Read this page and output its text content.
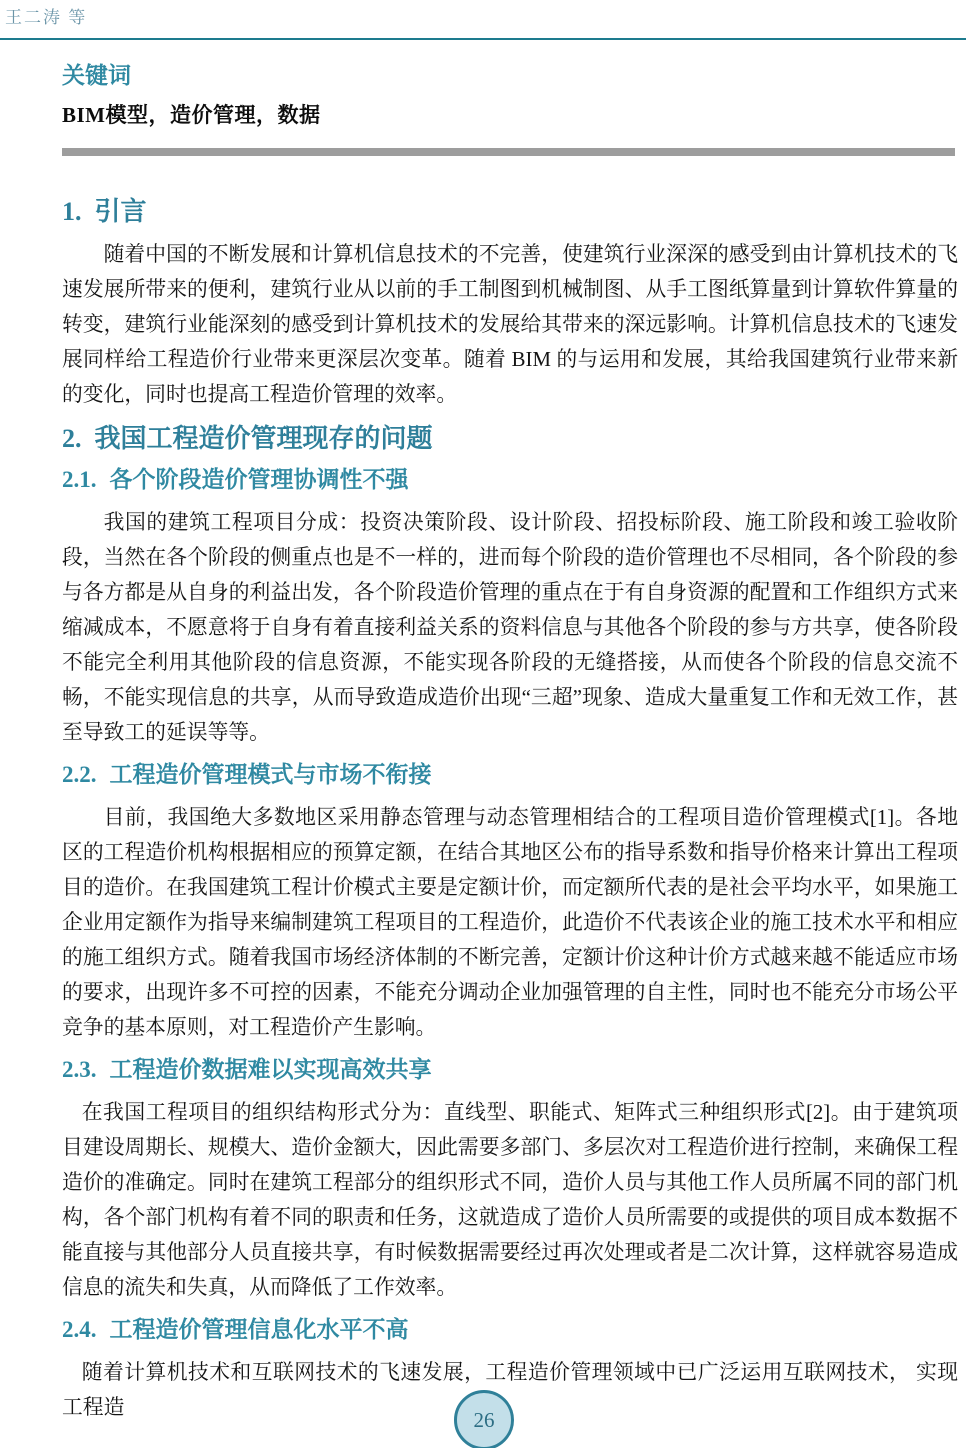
王二涛 等
关键词
BIM模型，造价管理，数据
1. 引言

随着中国的不断发展和计算机信息技术的不完善，使建筑行业深深的感受到由计算机技术的飞速发展所带来的便利，建筑行业从以前的手工制图到机械制图、从手工图纸算量到计算软件算量的转变，建筑行业能深刻的感受到计算机技术的发展给其带来的深远影响。计算机信息技术的飞速发展同样给工程造价行业带来更深层次变革。随着 BIM 的与运用和发展，其给我国建筑行业带来新的变化，同时也提高工程造价管理的效率。

2. 我国工程造价管理现存的问题
2.1. 各个阶段造价管理协调性不强

我国的建筑工程项目分成：投资决策阶段、设计阶段、招投标阶段、施工阶段和竣工验收阶段，当然在各个阶段的侧重点也是不一样的，进而每个阶段的造价管理也不尽相同，各个阶段的参与各方都是从自身的利益出发，各个阶段造价管理的重点在于有自身资源的配置和工作组织方式来缩减成本，不愿意将于自身有着直接利益关系的资料信息与其他各个阶段的参与方共享，使各阶段不能完全利用其他阶段的信息资源，不能实现各阶段的无缝搭接，从而使各个阶段的信息交流不畅，不能实现信息的共享，从而导致造成造价出现“三超”现象、造成大量重复工作和无效工作，甚至导致工的延误等等。

2.2. 工程造价管理模式与市场不衔接

目前，我国绝大多数地区采用静态管理与动态管理相结合的工程项目造价管理模式[1]。各地区的工程造价机构根据相应的预算定额，在结合其地区公布的指导系数和指导价格来计算出工程项目的造价。在我国建筑工程计价模式主要是定额计价，而定额所代表的是社会平均水平，如果施工企业用定额作为指导来编制建筑工程项目的工程造价，此造价不代表该企业的施工技术水平和相应的施工组织方式。随着我国市场经济体制的不断完善，定额计价这种计价方式越来越不能适应市场的要求，出现许多不可控的因素，不能充分调动企业加强管理的自主性，同时也不能充分市场公平竞争的基本原则，对工程造价产生影响。

2.3. 工程造价数据难以实现高效共享

在我国工程项目的组织结构形式分为：直线型、职能式、矩阵式三种组织形式[2]。由于建筑项目建设周期长、规模大、造价金额大，因此需要多部门、多层次对工程造价进行控制，来确保工程造价的准确定。同时在建筑工程部分的组织形式不同，造价人员与其他工作人员所属不同的部门机构，各个部门机构有着不同的职责和任务，这就造成了造价人员所需要的或提供的项目成本数据不能直接与其他部分人员直接共享，有时候数据需要经过再次处理或者是二次计算，这样就容易造成信息的流失和失真，从而降低了工作效率。

2.4. 工程造价管理信息化水平不高

随着计算机技术和互联网技术的飞速发展，工程造价管理领域中已广泛运用互联网技术， 实现工程造	26
